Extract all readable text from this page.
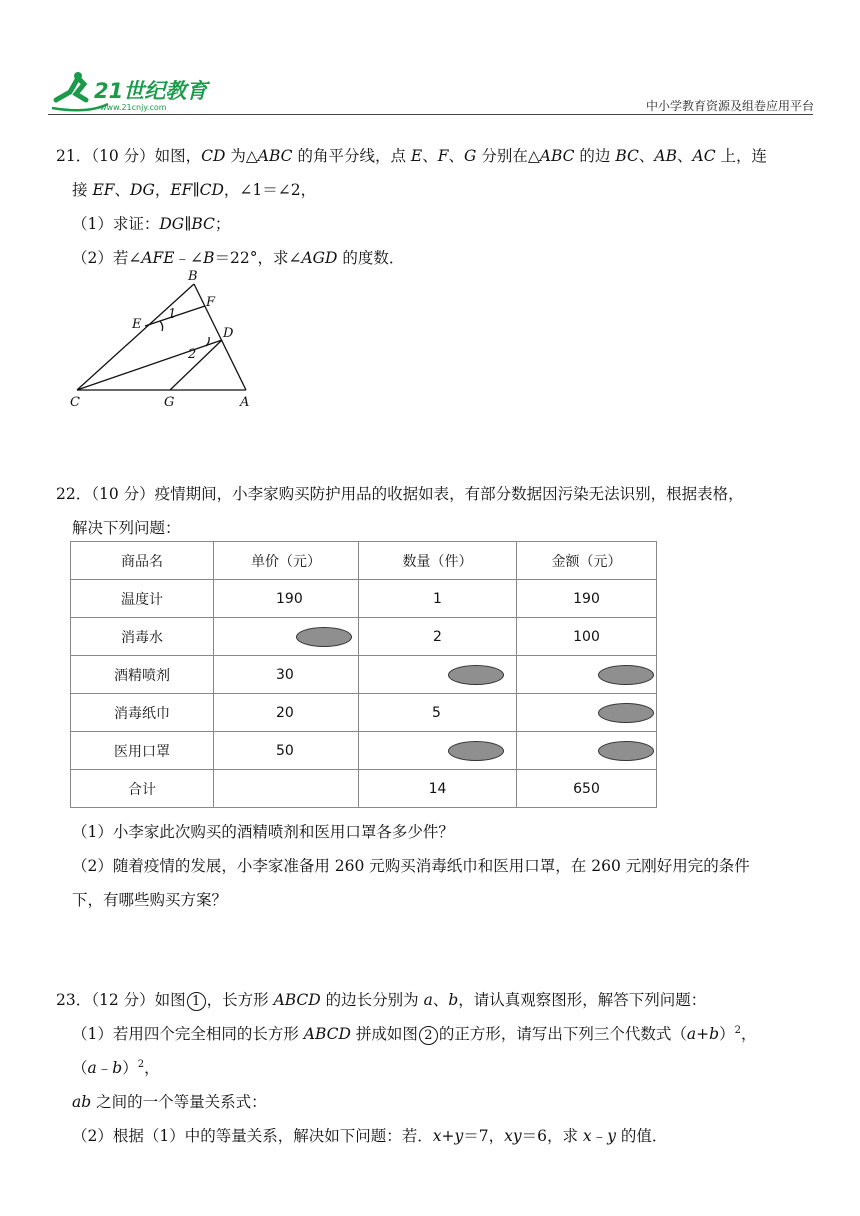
21世纪教育
www.21cnjy.com	中小学教育资源及组卷应用平台
21．（10 分）如图，CD 为△ABC 的角平分线，点 E、F、G 分别在△ABC 的边 BC、AB、AC 上，连
接 EF、DG，EF∥CD，∠1＝∠2，
（1）求证：DG∥BC；
（2）若∠AFE﹣∠B＝22°，求∠AGD 的度数．
B
F
E
D
C	G	A
1
2
22．（10 分）疫情期间，小李家购买防护用品的收据如表，有部分数据因污染无法识别，根据表格，
解决下列问题：
商品名	单价（元）	数量（件）	金额（元）
温度计	190	1	190
消毒水		2	100
酒精喷剂	30		
消毒纸巾	20	5	
医用口罩	50		
合计		14	650
（1）小李家此次购买的酒精喷剂和医用口罩各多少件？
（2）随着疫情的发展，小李家准备用 260 元购买消毒纸巾和医用口罩，在 260 元刚好用完的条件
下，有哪些购买方案？
23．（12 分）如图 1 ，长方形 ABCD 的边长分别为 a、b，请认真观察图形，解答下列问题：
（1）若用四个完全相同的长方形 ABCD 拼成如图 2 的正方形，请写出下列三个代数式$(a+b)^2$，
（a﹣b）$^2$，
ab 之间的一个等量关系式：
（2）根据（1）中的等量关系，解决如下问题：若．x+y＝7，xy＝6，求 x﹣y 的值．
